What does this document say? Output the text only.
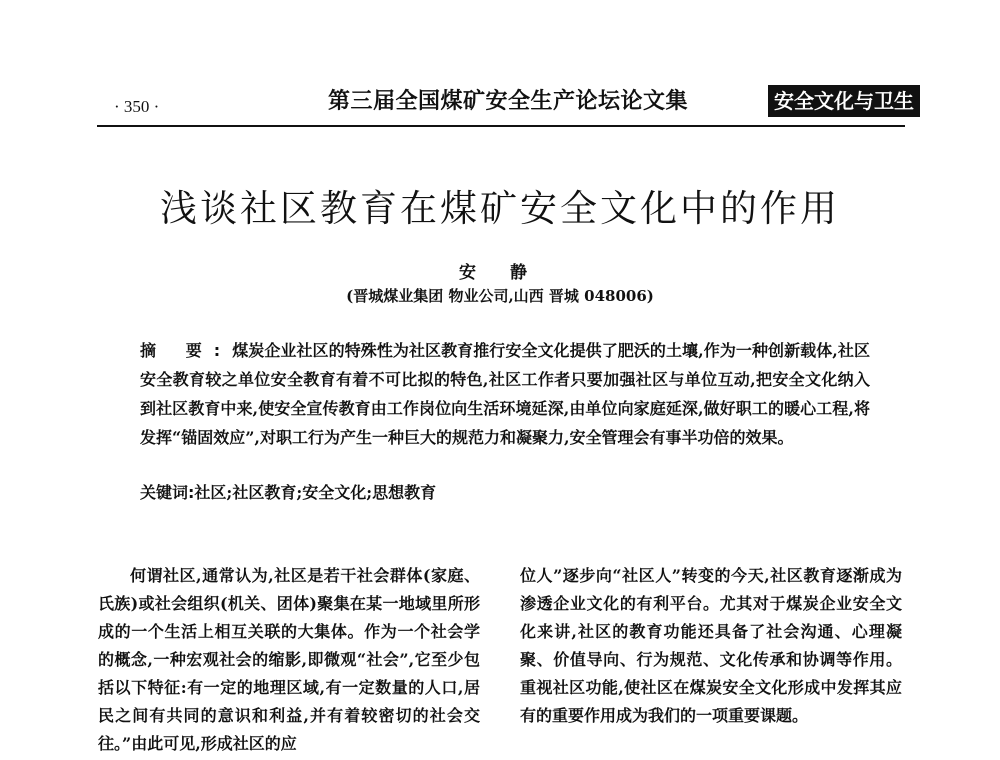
· 350 ·	第三届全国煤矿安全生产论坛论文集	安全文化与卫生
浅谈社区教育在煤矿安全文化中的作用
安 静
(晋城煤业集团 物业公司,山西 晋城 048006)
摘 要:煤炭企业社区的特殊性为社区教育推行安全文化提供了肥沃的土壤,作为一种创新载体,社区安全教育较之单位安全教育有着不可比拟的特色,社区工作者只要加强社区与单位互动,把安全文化纳入到社区教育中来,使安全宣传教育由工作岗位向生活环境延深,由单位向家庭延深,做好职工的暖心工程,将发挥“锚固效应”,对职工行为产生一种巨大的规范力和凝聚力,安全管理会有事半功倍的效果。
关键词:社区;社区教育;安全文化;思想教育
何谓社区,通常认为,社区是若干社会群体(家庭、氏族)或社会组织(机关、团体)聚集在某一地域里所形成的一个生活上相互关联的大集体。作为一个社会学的概念,一种宏观社会的缩影,即微观“社会”,它至少包括以下特征:有一定的地理区域,有一定数量的人口,居民之间有共同的意识和利益,并有着较密切的社会交往。”由此可见,形成社区的应
位人”逐步向“社区人”转变的今天,社区教育逐渐成为渗透企业文化的有利平台。尤其对于煤炭企业安全文化来讲,社区的教育功能还具备了社会沟通、心理凝聚、价值导向、行为规范、文化传承和协调等作用。重视社区功能,使社区在煤炭安全文化形成中发挥其应有的重要作用成为我们的一项重要课题。
